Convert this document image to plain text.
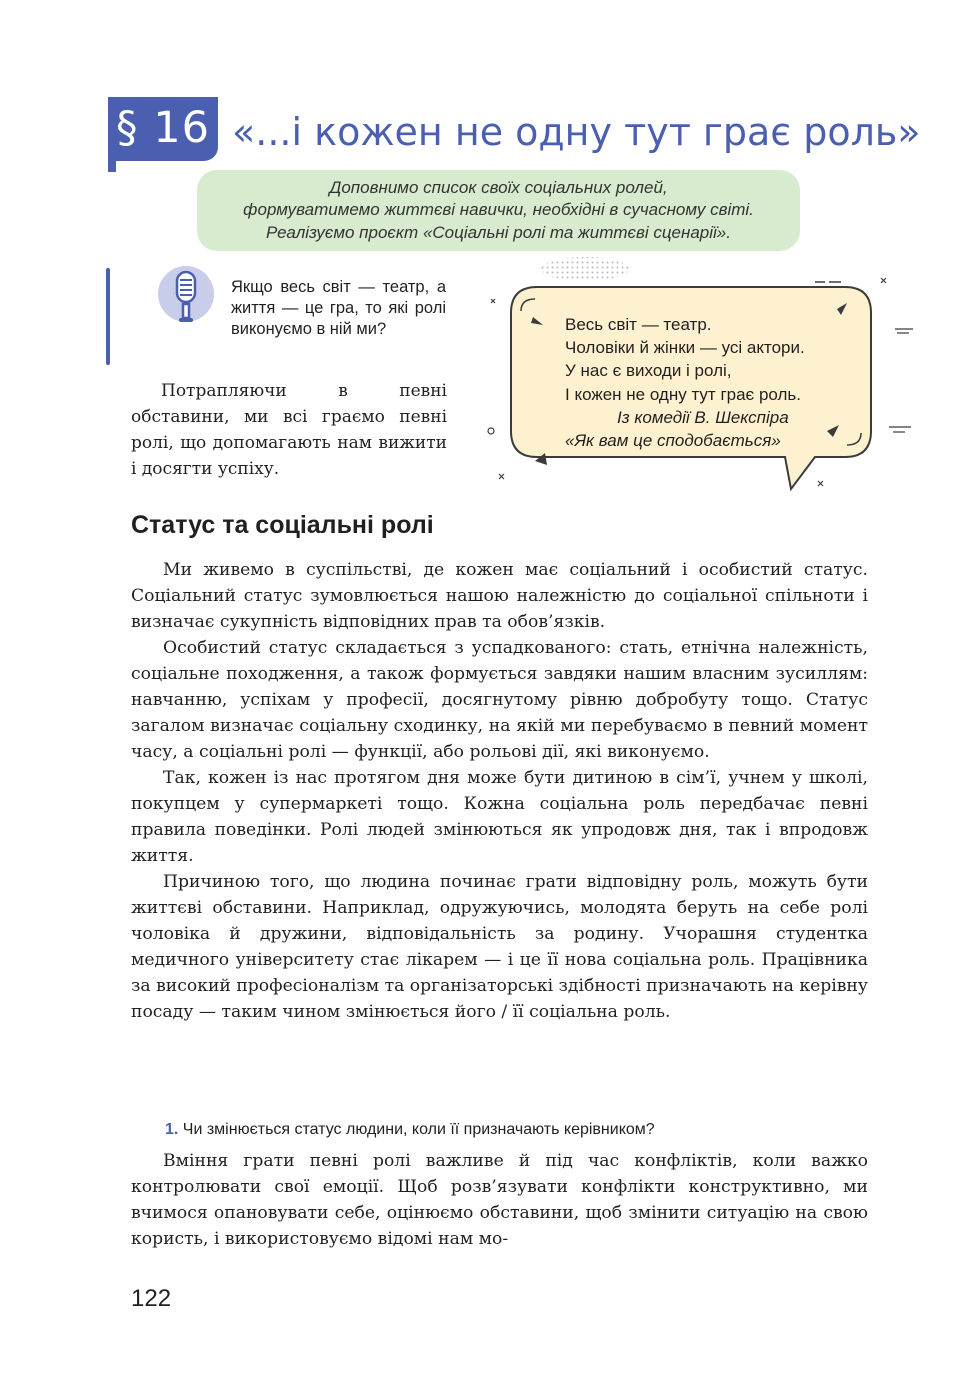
§ 16 «...і кожен не одну тут грає роль»
Доповнимо список своїх соціальних ролей,
формуватимемо життєві навички, необхідні в сучасному світі.
Реалізуємо проєкт «Соціальні ролі та життєві сценарії».
Якщо весь світ — театр, а життя — це гра, то які ролі виконуємо в ній ми?

Потрапляючи в певні обставини, ми всі граємо певні ролі, що допомагають нам вижити і досягти успіху.

Весь світ — театр.
Чоловіки й жінки — усі актори.
У нас є виходи і ролі,
І кожен не одну тут грає роль.
Із комедії В. Шекспіра
«Як вам це сподобається»
Статус та соціальні ролі

Ми живемо в суспільстві, де кожен має соціальний і особистий статус. Соціальний статус зумовлюється нашою належністю до соціальної спільноти і визначає сукупність відповідних прав та обов’язків.

Особистий статус складається з успадкованого: стать, етнічна належність, соціальне походження, а також формується завдяки нашим власним зусиллям: навчанню, успіхам у професії, досягнутому рівню добробуту тощо. Статус загалом визначає соціальну сходинку, на якій ми перебуваємо в певний момент часу, а соціальні ролі — функції, або рольові дії, які виконуємо.

Так, кожен із нас протягом дня може бути дитиною в сім’ї, учнем у школі, покупцем у супермаркеті тощо. Кожна соціальна роль передбачає певні правила поведінки. Ролі людей змінюються як упродовж дня, так і впродовж життя.

Причиною того, що людина починає грати відповідну роль, можуть бути життєві обставини. Наприклад, одружуючись, молодята беруть на себе ролі чоловіка й дружини, відповідальність за родину. Учорашня студентка медичного університету стає лікарем — і це її нова соціальна роль. Працівника за високий професіоналізм та організаторські здібності призначають на керівну посаду — таким чином змінюється його / її соціальна роль.

1. Чи змінюється статус людини, коли її призначають керівником?

Вміння грати певні ролі важливе й під час конфліктів, коли важко контролювати свої емоції. Щоб розв’язувати конфлікти конструктивно, ми вчимося опановувати себе, оцінюємо обставини, щоб змінити ситуацію на свою користь, і використовуємо відомі нам мо-

122
